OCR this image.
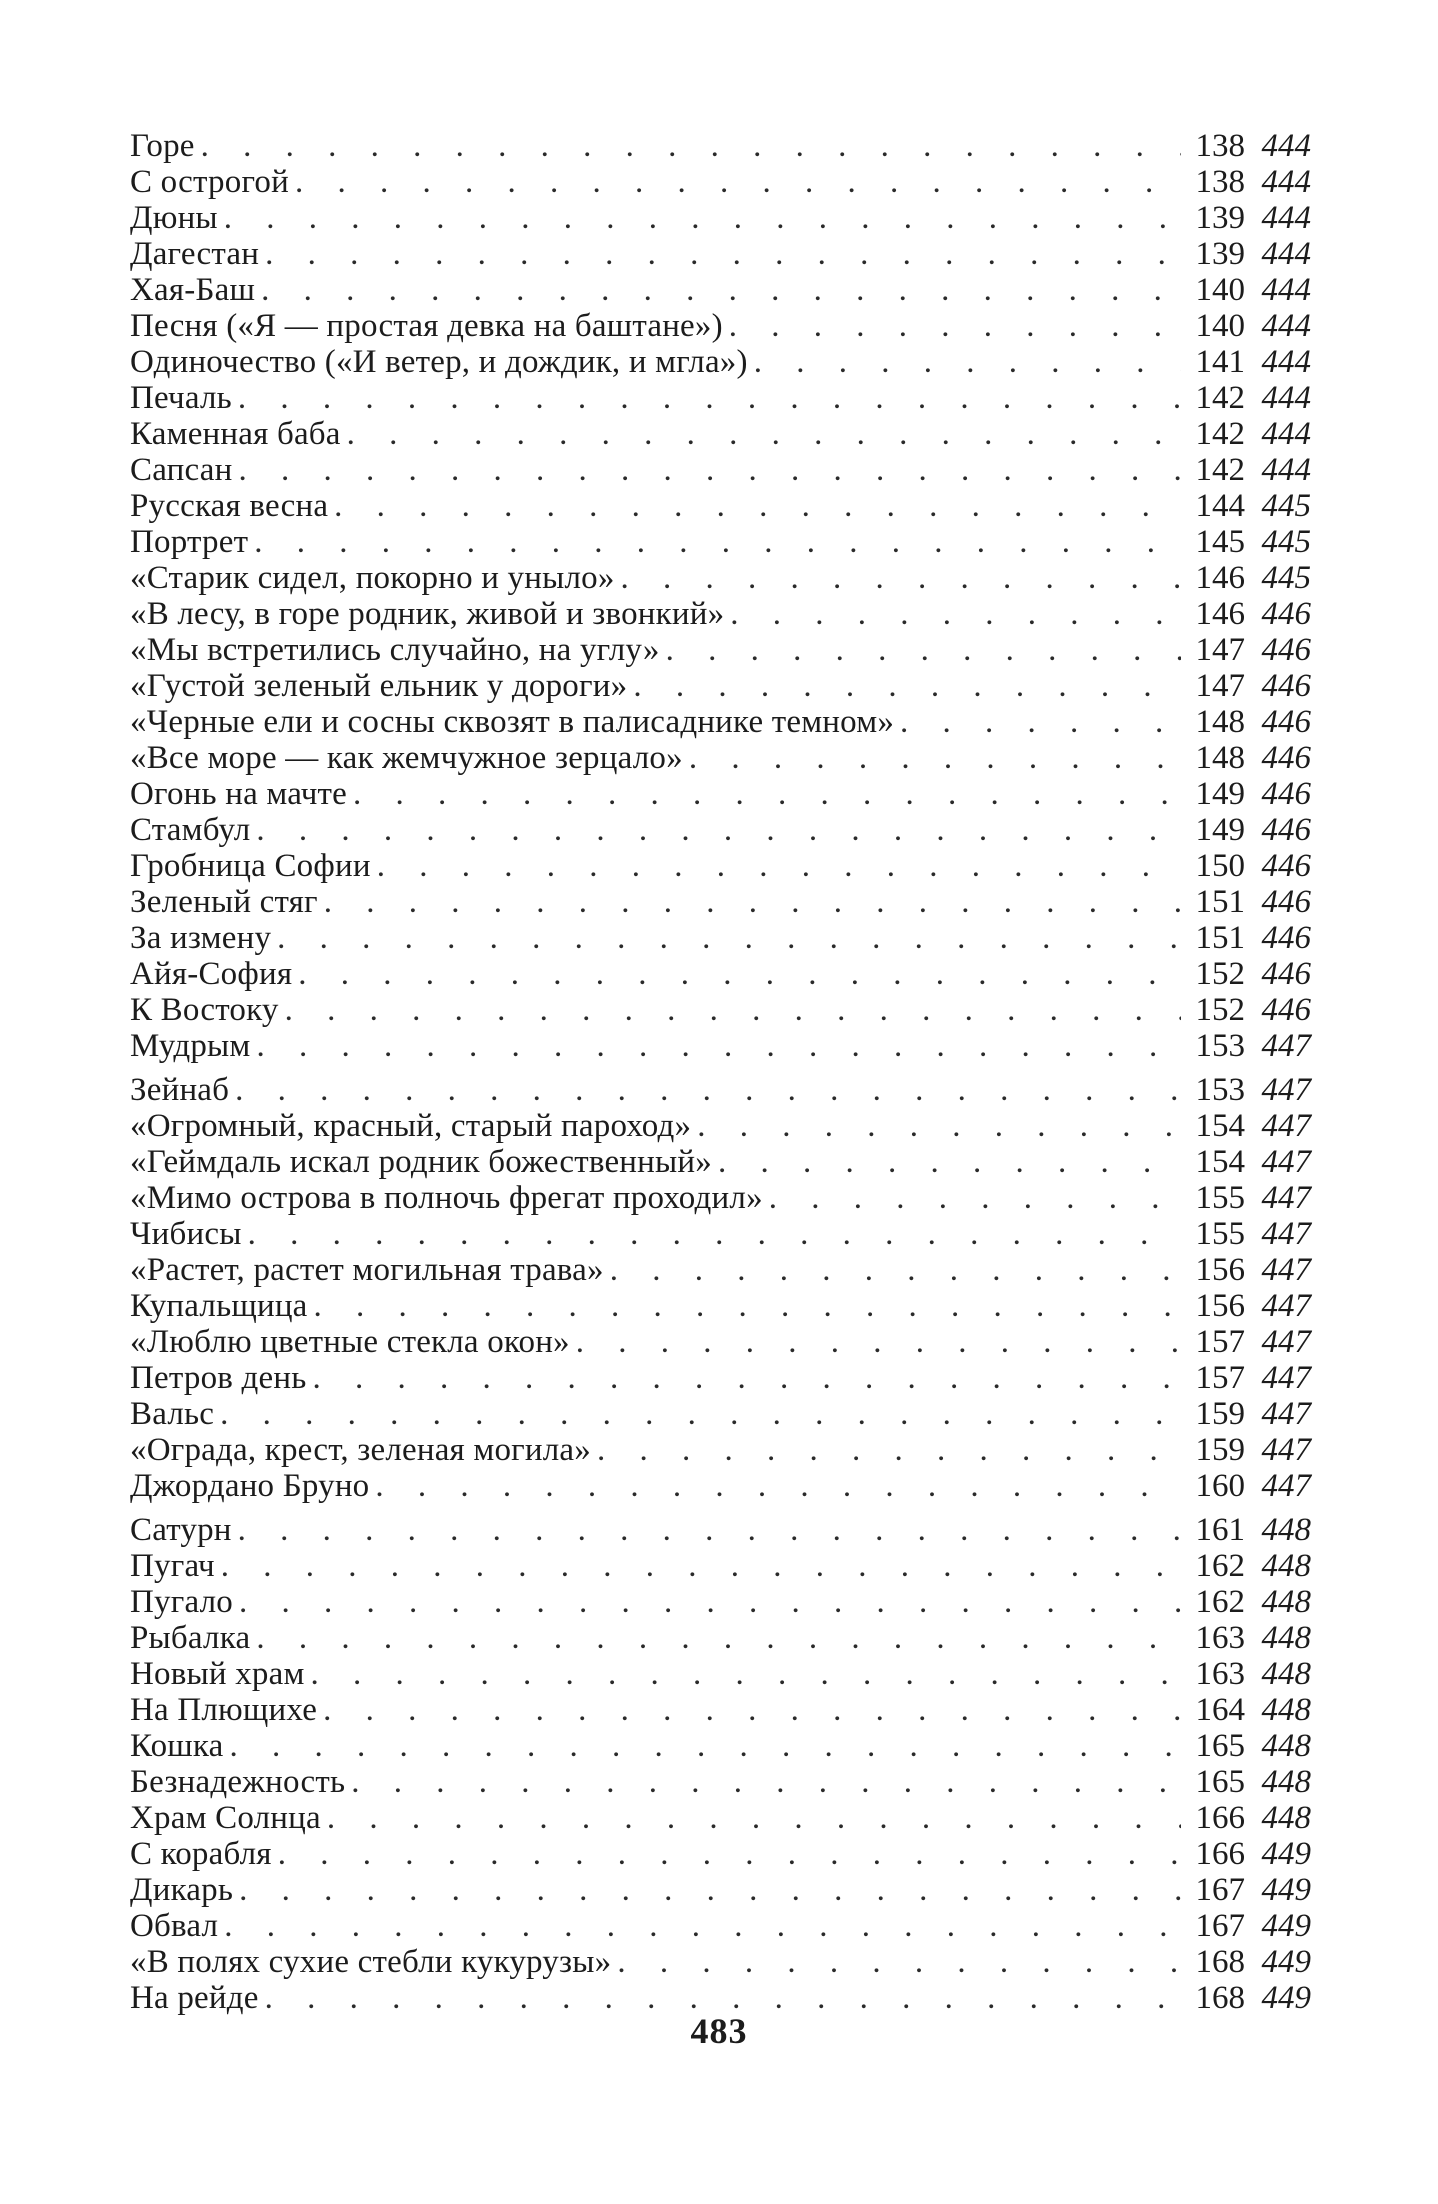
Горе . . .	138 444
С острогой . . .	138 444
Дюны . . .	139 444
Дагестан . . .	139 444
Хая-Баш . . .	140 444
Песня («Я — простая девка на баштане») . . .	140 444
Одиночество («И ветер, и дождик, и мгла») . . .	141 444
Печаль . . .	142 444
Каменная баба . . .	142 444
Сапсан . . .	142 444
Русская весна . . .	144 445
Портрет . . .	145 445
«Старик сидел, покорно и уныло» . . .	146 445
«В лесу, в горе родник, живой и звонкий» . . .	146 446
«Мы встретились случайно, на углу» . . .	147 446
«Густой зеленый ельник у дороги» . . .	147 446
«Черные ели и сосны сквозят в палисаднике темном» . . .	148 446
«Все море — как жемчужное зерцало» . . .	148 446
Огонь на мачте . . .	149 446
Стамбул . . .	149 446
Гробница Софии . . .	150 446
Зеленый стяг . . .	151 446
За измену . . .	151 446
Айя-София . . .	152 446
К Востоку . . .	152 446
Мудрым . . .	153 447
Зейнаб . . .	153 447
«Огромный, красный, старый пароход» . . .	154 447
«Геймдаль искал родник божественный» . . .	154 447
«Мимо острова в полночь фрегат проходил» . . .	155 447
Чибисы . . .	155 447
«Растет, растет могильная трава» . . .	156 447
Купальщица . . .	156 447
«Люблю цветные стекла окон» . . .	157 447
Петров день . . .	157 447
Вальс . . .	159 447
«Ограда, крест, зеленая могила» . . .	159 447
Джордано Бруно . . .	160 447
Сатурн . . .	161 448
Пугач . . .	162 448
Пугало . . .	162 448
Рыбалка . . .	163 448
Новый храм . . .	163 448
На Плющихе . . .	164 448
Кошка . . .	165 448
Безнадежность . . .	165 448
Храм Солнца . . .	166 448
С корабля . . .	166 449
Дикарь . . .	167 449
Обвал . . .	167 449
«В полях сухие стебли кукурузы» . . .	168 449
На рейде . . .	168 449
483
